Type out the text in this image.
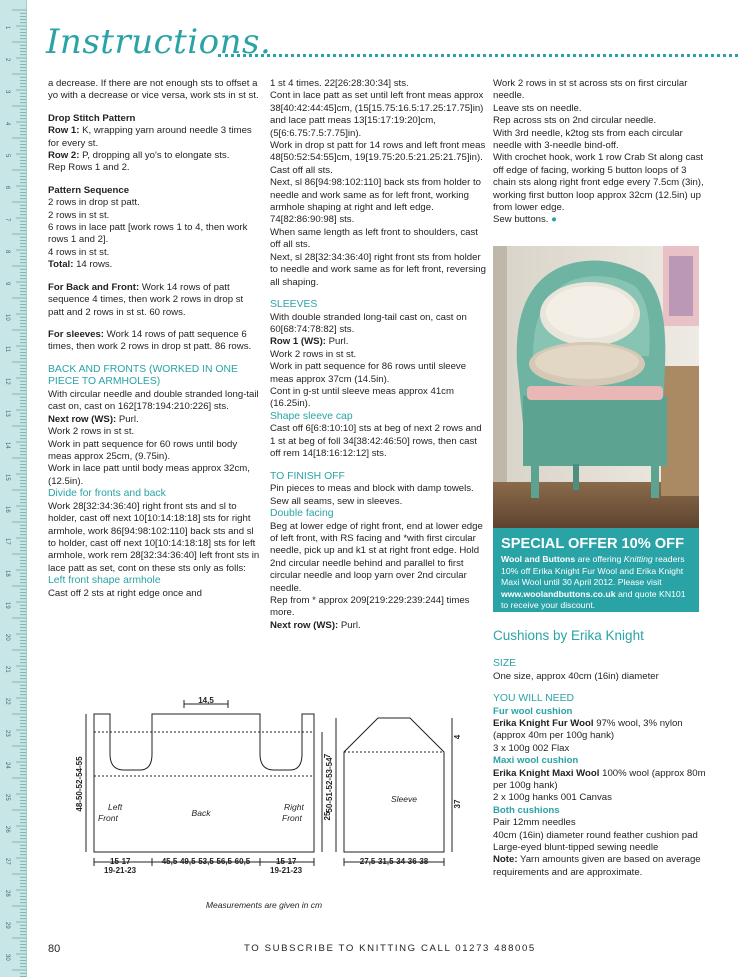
1
2
3
4
5
6
7
8
9
10
11
12
13
14
15
16
17
18
19
20
21
22
23
24
25
26
27
28
29
30
Instructions.

a decrease. If there are not enough sts to offset a yo with a decrease or vice versa, work sts in st st.

Drop Stitch Pattern

Row 1: K, wrapping yarn around needle 3 times for every st.

Row 2: P, dropping all yo's to elongate sts.

Rep Rows 1 and 2.

Pattern Sequence

2 rows in drop st patt.

2 rows in st st.

6 rows in lace patt [work rows 1 to 4, then work rows 1 and 2].

4 rows in st st.

Total: 14 rows.

For Back and Front: Work 14 rows of patt sequence 4 times, then work 2 rows in drop st patt and 2 rows in st st. 60 rows.

For sleeves: Work 14 rows of patt sequence 6 times, then work 2 rows in drop st patt. 86 rows.

BACK AND FRONTS (WORKED IN ONE PIECE TO ARMHOLES)

With circular needle and double stranded long-tail cast on, cast on 162[178:194:210:226] sts.

Next row (WS): Purl.

Work 2 rows in st st.

Work in patt sequence for 60 rows until body meas approx 25cm, (9.75in).

Work in lace patt until body meas approx 32cm, (12.5in).

Divide for fronts and back

Work 28[32:34:36:40] right front sts and sl to holder, cast off next 10[10:14:18:18] sts for right armhole, work 86[94:98:102:110] back sts and sl to holder, cast off next 10[10:14:18:18] sts for left armhole, work rem 28[32:34:36:40] left front sts in lace patt as set, cont on these sts only as folls:

Left front shape armhole

Cast off 2 sts at right edge once and

1 st 4 times. 22[26:28:30:34] sts.

Cont in lace patt as set until left front meas approx 38[40:42:44:45]cm, (15[15.75:16.5:17.25:17.75]in) and lace patt meas 13[15:17:19:20]cm, (5[6:6.75:7.5:7.75]in).

Work in drop st patt for 14 rows and left front meas 48[50:52:54:55]cm, 19[19.75:20.5:21.25:21.75]in).

Cast off all sts.

Next, sl 86[94:98:102:110] back sts from holder to needle and work same as for left front, working armhole shaping at right and left edge. 74[82:86:90:98] sts.

When same length as left front to shoulders, cast off all sts.

Next, sl 28[32:34:36:40] right front sts from holder to needle and work same as for left front, reversing all shaping.

SLEEVES

With double stranded long-tail cast on, cast on 60[68:74:78:82] sts.

Row 1 (WS): Purl.

Work 2 rows in st st.

Work in patt sequence for 86 rows until sleeve meas approx 37cm (14.5in).

Cont in g-st until sleeve meas approx 41cm (16.25in).

Shape sleeve cap

Cast off 6[6:8:10:10] sts at beg of next 2 rows and 1 st at beg of foll 34[38:42:46:50] rows, then cast off rem 14[18:16:12:12] sts.

TO FINISH OFF

Pin pieces to meas and block with damp towels.

Sew all seams, sew in sleeves.

Double facing

Beg at lower edge of right front, end at lower edge of left front, with RS facing and *with first circular needle, pick up and k1 st at right front edge. Hold 2nd circular needle behind and parallel to first circular needle and loop yarn over 2nd circular needle.

Rep from * approx 209[219:229:239:244] times more.

Next row (WS): Purl.

Work 2 rows in st st across sts on first circular needle.

Leave sts on needle.

Rep across sts on 2nd circular needle.

With 3rd needle, k2tog sts from each circular needle with 3-needle bind-off.

With crochet hook, work 1 row Crab St along cast off edge of facing, working 5 button loops of 3 chain sts along right front edge every 7.5cm (3in), working first button loop approx 32cm (12.5in) up from lower edge.

Sew buttons. ●

SPECIAL OFFER 10% OFF
Wool and Buttons are offering Knitting readers 10% off Erika Knight Fur Wool and Erika Knight Maxi Wool until 30 April 2012. Please visit www.woolandbuttons.co.uk and quote KN101 to receive your discount.
Cushions by Erika Knight

SIZE

One size, approx 40cm (16in) diameter

YOU WILL NEED

Fur wool cushion

Erika Knight Fur Wool 97% wool, 3% nylon (approx 40m per 100g hank)

3 x 100g 002 Flax

Maxi wool cushion

Erika Knight Maxi Wool 100% wool (approx 80m per 100g hank)

2 x 100g hanks 001 Canvas

Both cushions

Pair 12mm needles

40cm (16in) diameter round feather cushion pad

Large-eyed blunt-tipped sewing needle

Note: Yarn amounts given are based on average requirements and are approximate.

14,5
48-50-52-54-55
7
25
Left
Front	Back
Right
Front
15-17-
19-21-23
45,5-49,5-53,5-56,5-60,5	15-17-
19-21-23
50-51-52-53-54
4
37
Sleeve
27,5-31,5-34-36-38
Measurements are given in cm
80	TO SUBSCRIBE TO KNITTING CALL 01273 488005
